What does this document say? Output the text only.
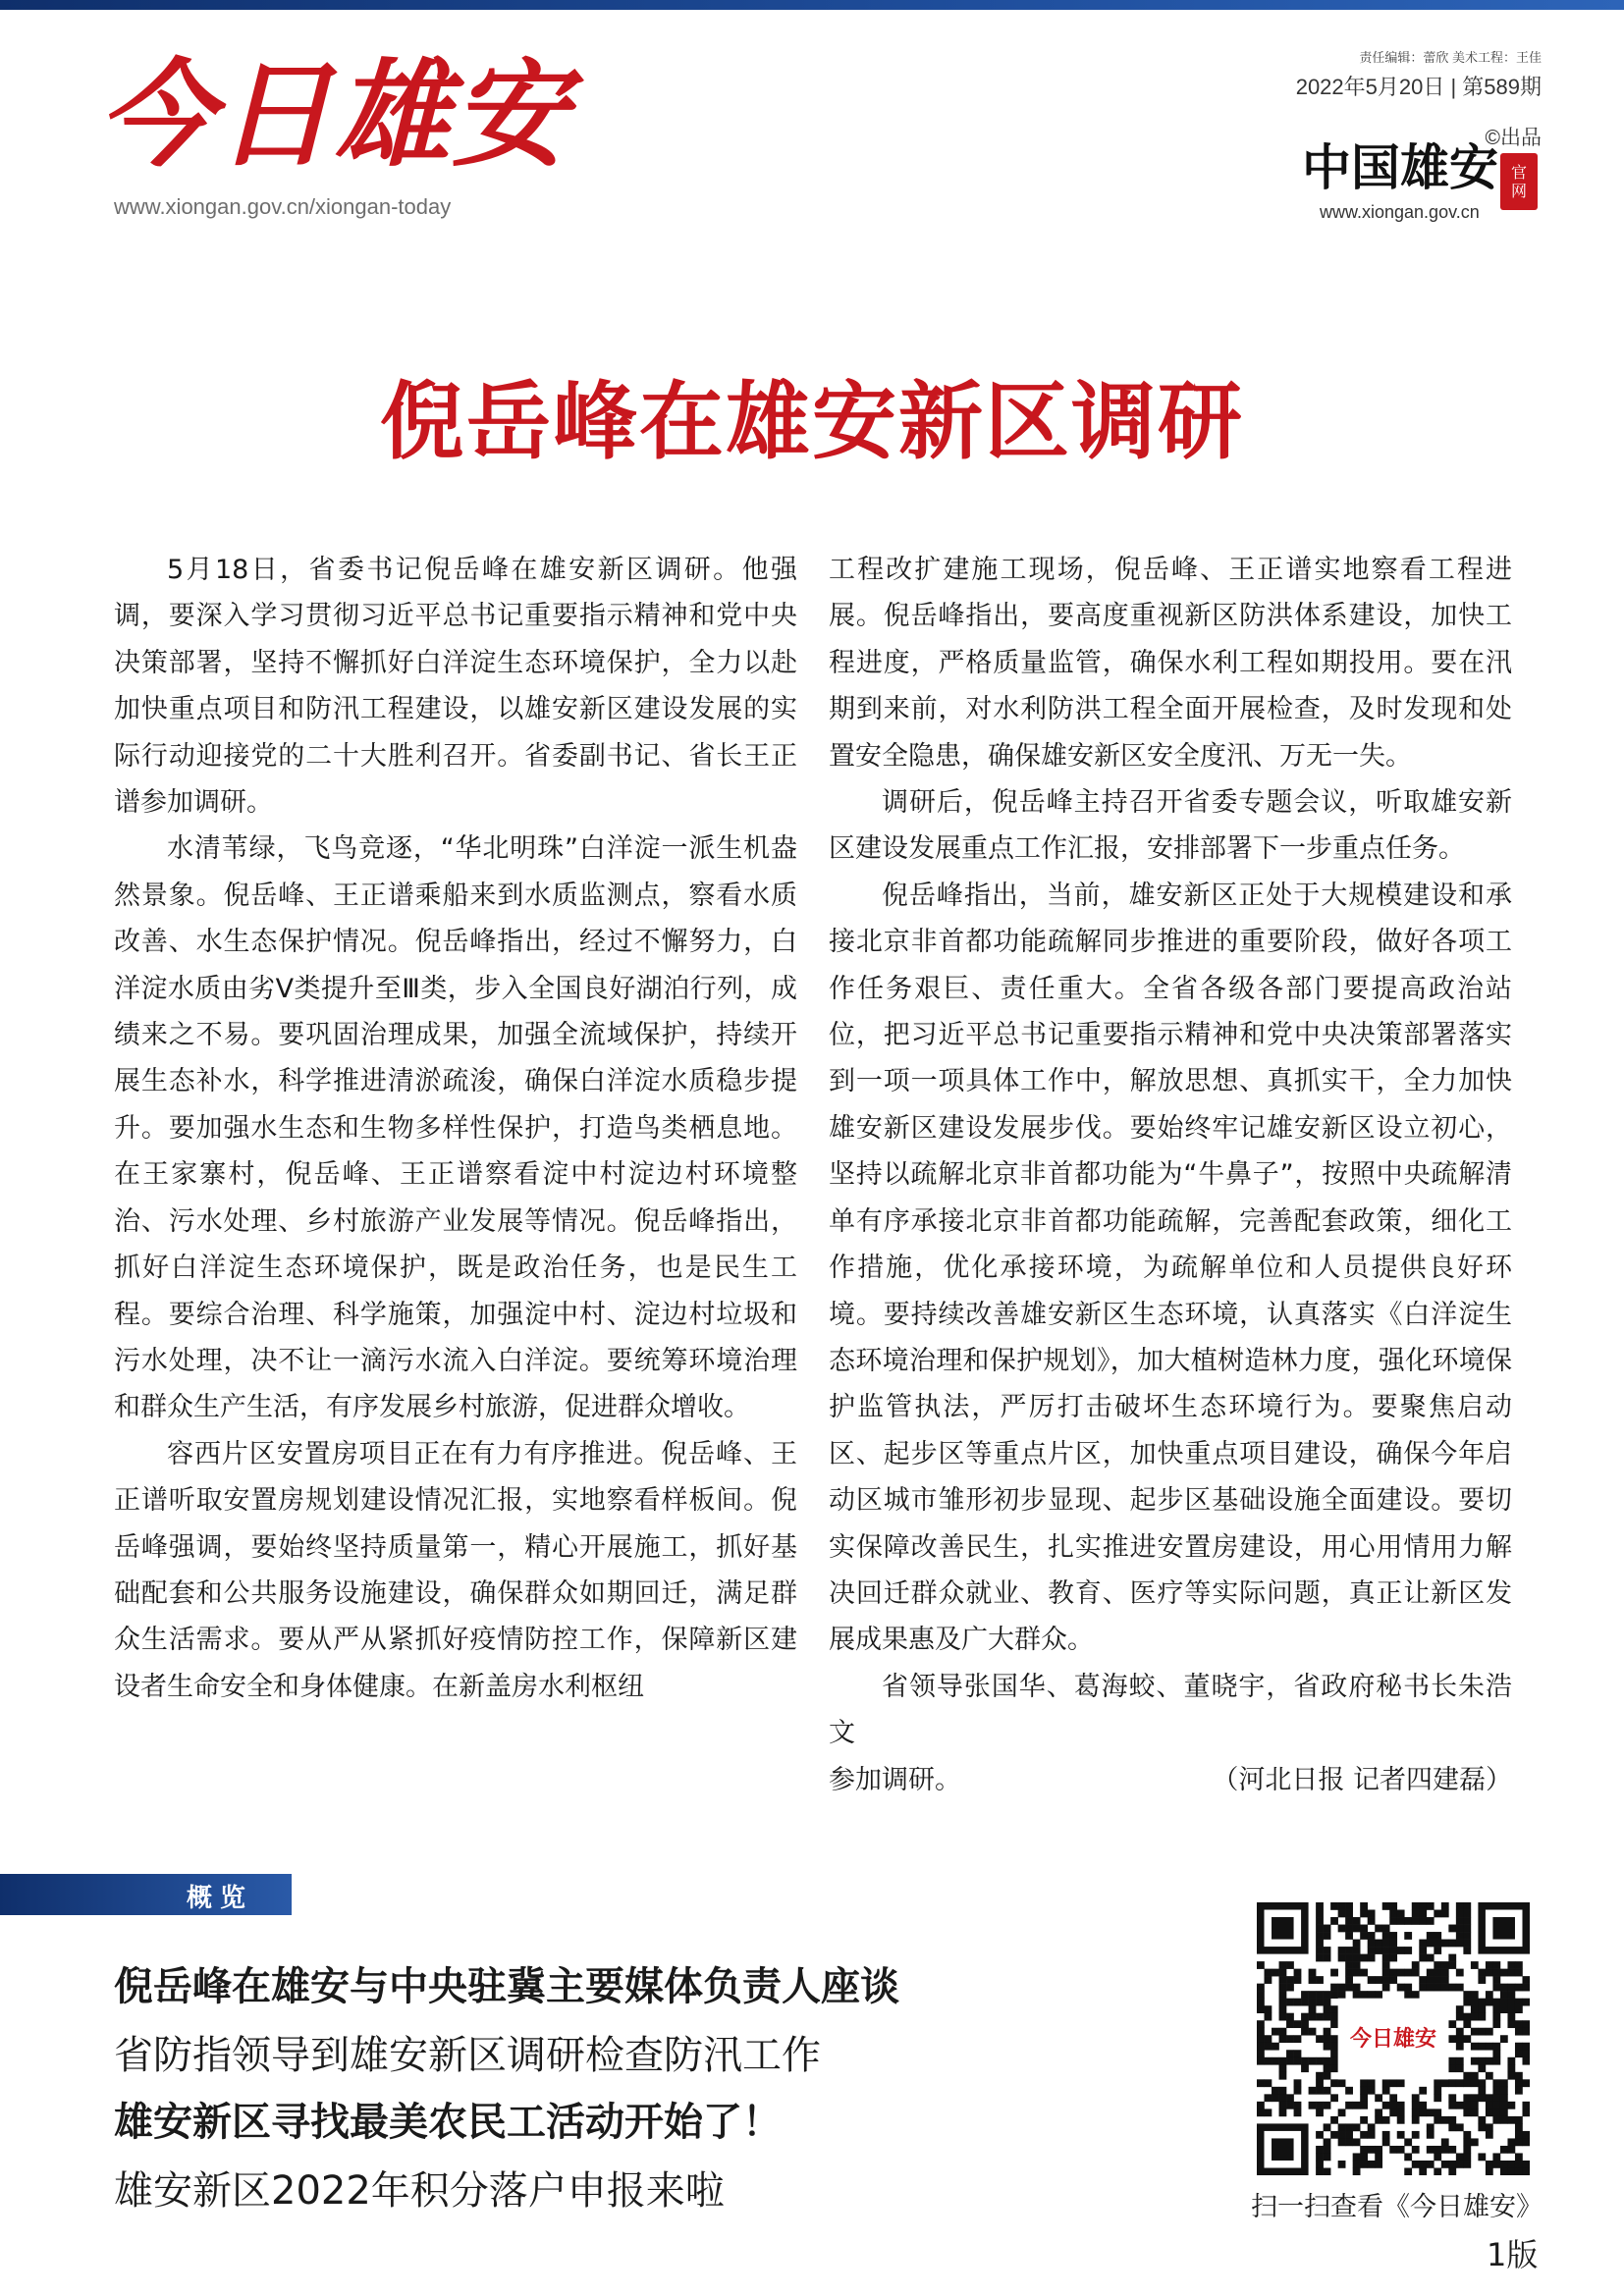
今日雄安
www.xiongan.gov.cn/xiongan-today
责任编辑：蕾欣 美术工程：王佳
2022年5月20日 | 第589期
©出品
中国雄安 官
网
www.xiongan.gov.cn
倪岳峰在雄安新区调研

5月18日，省委书记倪岳峰在雄安新区调研。他强调，要深入学习贯彻习近平总书记重要指示精神和党中央决策部署，坚持不懈抓好白洋淀生态环境保护，全力以赴加快重点项目和防汛工程建设，以雄安新区建设发展的实际行动迎接党的二十大胜利召开。省委副书记、省长王正谱参加调研。

水清苇绿，飞鸟竞逐，“华北明珠”白洋淀一派生机盎然景象。倪岳峰、王正谱乘船来到水质监测点，察看水质改善、水生态保护情况。倪岳峰指出，经过不懈努力，白洋淀水质由劣V类提升至Ⅲ类，步入全国良好湖泊行列，成绩来之不易。要巩固治理成果，加强全流域保护，持续开展生态补水，科学推进清淤疏浚，确保白洋淀水质稳步提升。要加强水生态和生物多样性保护，打造鸟类栖息地。在王家寨村，倪岳峰、王正谱察看淀中村淀边村环境整治、污水处理、乡村旅游产业发展等情况。倪岳峰指出，抓好白洋淀生态环境保护，既是政治任务，也是民生工程。要综合治理、科学施策，加强淀中村、淀边村垃圾和污水处理，决不让一滴污水流入白洋淀。要统筹环境治理和群众生产生活，有序发展乡村旅游，促进群众增收。

容西片区安置房项目正在有力有序推进。倪岳峰、王正谱听取安置房规划建设情况汇报，实地察看样板间。倪岳峰强调，要始终坚持质量第一，精心开展施工，抓好基础配套和公共服务设施建设，确保群众如期回迁，满足群众生活需求。要从严从紧抓好疫情防控工作，保障新区建设者生命安全和身体健康。在新盖房水利枢纽

工程改扩建施工现场，倪岳峰、王正谱实地察看工程进展。倪岳峰指出，要高度重视新区防洪体系建设，加快工程进度，严格质量监管，确保水利工程如期投用。要在汛期到来前，对水利防洪工程全面开展检查，及时发现和处置安全隐患，确保雄安新区安全度汛、万无一失。

调研后，倪岳峰主持召开省委专题会议，听取雄安新区建设发展重点工作汇报，安排部署下一步重点任务。

倪岳峰指出，当前，雄安新区正处于大规模建设和承接北京非首都功能疏解同步推进的重要阶段，做好各项工作任务艰巨、责任重大。全省各级各部门要提高政治站位，把习近平总书记重要指示精神和党中央决策部署落实到一项一项具体工作中，解放思想、真抓实干，全力加快雄安新区建设发展步伐。要始终牢记雄安新区设立初心，坚持以疏解北京非首都功能为“牛鼻子”，按照中央疏解清单有序承接北京非首都功能疏解，完善配套政策，细化工作措施，优化承接环境，为疏解单位和人员提供良好环境。要持续改善雄安新区生态环境，认真落实《白洋淀生态环境治理和保护规划》，加大植树造林力度，强化环境保护监管执法，严厉打击破坏生态环境行为。要聚焦启动区、起步区等重点片区，加快重点项目建设，确保今年启动区城市雏形初步显现、起步区基础设施全面建设。要切实保障改善民生，扎实推进安置房建设，用心用情用力解决回迁群众就业、教育、医疗等实际问题，真正让新区发展成果惠及广大群众。

省领导张国华、葛海蛟、董晓宇，省政府秘书长朱浩文

参加调研。	（河北日报 记者四建磊）

概览
倪岳峰在雄安与中央驻冀主要媒体负责人座谈
省防指领导到雄安新区调研检查防汛工作
雄安新区寻找最美农民工活动开始了！
雄安新区2022年积分落户申报来啦
今日雄安
扫一扫查看《今日雄安》
1版
